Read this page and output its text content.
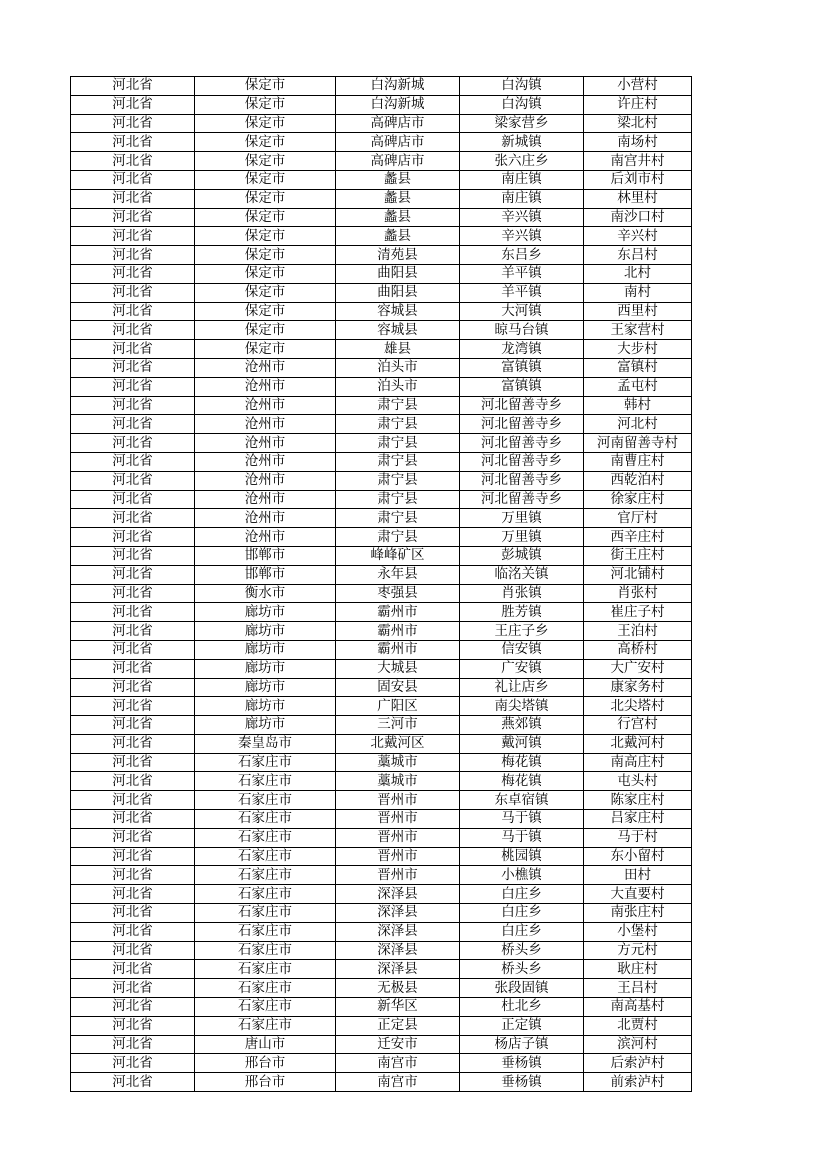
河北省	保定市	白沟新城	白沟镇	小营村
河北省	保定市	白沟新城	白沟镇	许庄村
河北省	保定市	高碑店市	梁家营乡	梁北村
河北省	保定市	高碑店市	新城镇	南场村
河北省	保定市	高碑店市	张六庄乡	南宫井村
河北省	保定市	蠡县	南庄镇	后刘市村
河北省	保定市	蠡县	南庄镇	林里村
河北省	保定市	蠡县	辛兴镇	南沙口村
河北省	保定市	蠡县	辛兴镇	辛兴村
河北省	保定市	清苑县	东吕乡	东吕村
河北省	保定市	曲阳县	羊平镇	北村
河北省	保定市	曲阳县	羊平镇	南村
河北省	保定市	容城县	大河镇	西里村
河北省	保定市	容城县	晾马台镇	王家营村
河北省	保定市	雄县	龙湾镇	大步村
河北省	沧州市	泊头市	富镇镇	富镇村
河北省	沧州市	泊头市	富镇镇	孟屯村
河北省	沧州市	肃宁县	河北留善寺乡	韩村
河北省	沧州市	肃宁县	河北留善寺乡	河北村
河北省	沧州市	肃宁县	河北留善寺乡	河南留善寺村
河北省	沧州市	肃宁县	河北留善寺乡	南曹庄村
河北省	沧州市	肃宁县	河北留善寺乡	西乾泊村
河北省	沧州市	肃宁县	河北留善寺乡	徐家庄村
河北省	沧州市	肃宁县	万里镇	官厅村
河北省	沧州市	肃宁县	万里镇	西辛庄村
河北省	邯郸市	峰峰矿区	彭城镇	街王庄村
河北省	邯郸市	永年县	临洺关镇	河北铺村
河北省	衡水市	枣强县	肖张镇	肖张村
河北省	廊坊市	霸州市	胜芳镇	崔庄子村
河北省	廊坊市	霸州市	王庄子乡	王泊村
河北省	廊坊市	霸州市	信安镇	高桥村
河北省	廊坊市	大城县	广安镇	大广安村
河北省	廊坊市	固安县	礼让店乡	康家务村
河北省	廊坊市	广阳区	南尖塔镇	北尖塔村
河北省	廊坊市	三河市	燕郊镇	行宫村
河北省	秦皇岛市	北戴河区	戴河镇	北戴河村
河北省	石家庄市	藁城市	梅花镇	南高庄村
河北省	石家庄市	藁城市	梅花镇	屯头村
河北省	石家庄市	晋州市	东卓宿镇	陈家庄村
河北省	石家庄市	晋州市	马于镇	吕家庄村
河北省	石家庄市	晋州市	马于镇	马于村
河北省	石家庄市	晋州市	桃园镇	东小留村
河北省	石家庄市	晋州市	小樵镇	田村
河北省	石家庄市	深泽县	白庄乡	大直要村
河北省	石家庄市	深泽县	白庄乡	南张庄村
河北省	石家庄市	深泽县	白庄乡	小堡村
河北省	石家庄市	深泽县	桥头乡	方元村
河北省	石家庄市	深泽县	桥头乡	耿庄村
河北省	石家庄市	无极县	张段固镇	王吕村
河北省	石家庄市	新华区	杜北乡	南高基村
河北省	石家庄市	正定县	正定镇	北贾村
河北省	唐山市	迁安市	杨店子镇	滨河村
河北省	邢台市	南宫市	垂杨镇	后索泸村
河北省	邢台市	南宫市	垂杨镇	前索泸村
